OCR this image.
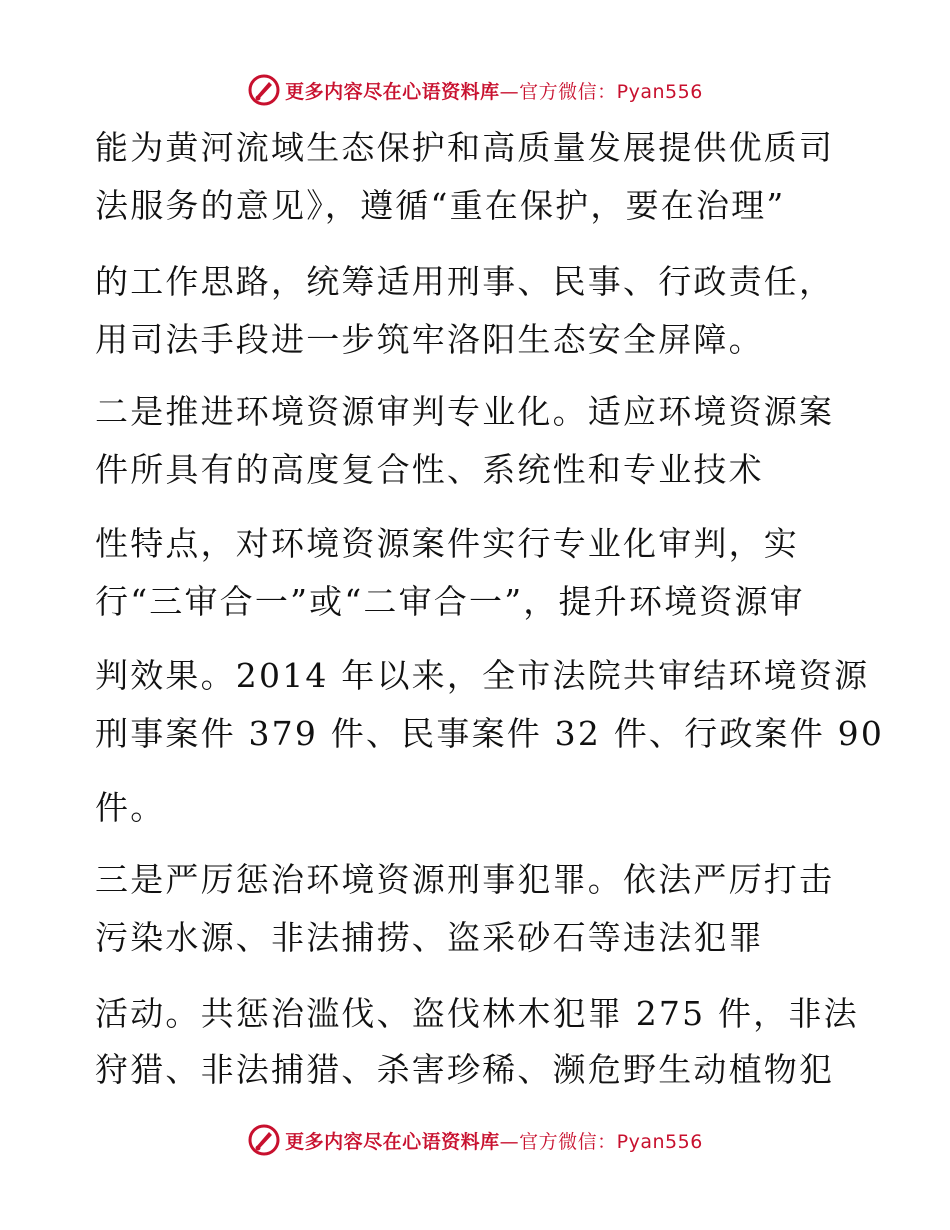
更多内容尽在心语资料库—官方微信：Pyan556
能为黄河流域生态保护和高质量发展提供优质司
法服务的意见》，遵循“重在保护，要在治理”
的工作思路，统筹适用刑事、民事、行政责任，
用司法手段进一步筑牢洛阳生态安全屏障。
二是推进环境资源审判专业化。适应环境资源案
件所具有的高度复合性、系统性和专业技术
性特点，对环境资源案件实行专业化审判，实
行“三审合一”或“二审合一”，提升环境资源审
判效果。2014 年以来，全市法院共审结环境资源
刑事案件 379 件、民事案件 32 件、行政案件 90
件。
三是严厉惩治环境资源刑事犯罪。依法严厉打击
污染水源、非法捕捞、盗采砂石等违法犯罪
活动。共惩治滥伐、盗伐林木犯罪 275 件，非法
狩猎、非法捕猎、杀害珍稀、濒危野生动植物犯
更多内容尽在心语资料库—官方微信：Pyan556
